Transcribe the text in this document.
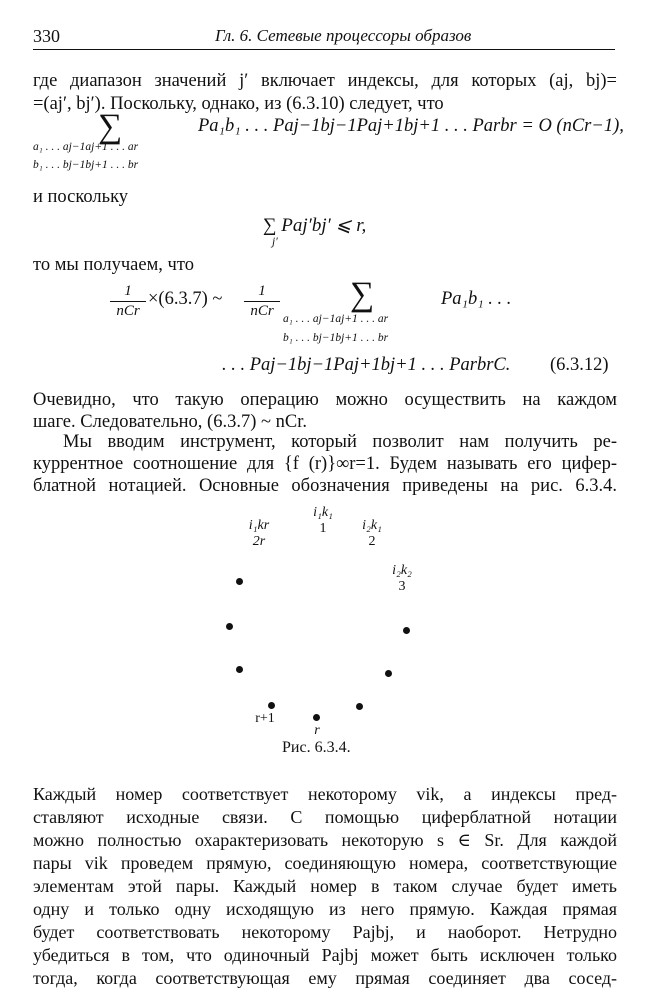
330	Гл. 6. Сетевые процессоры образов
где диапазон значений j′ включает индексы, для которых (aj, bj)=
=(aj′, bj′). Поскольку, однако, из (6.3.10) следует, что
∑	Pa₁b₁ . . . Paj−1bj−1Paj+1bj+1 . . . Parbr = O (nCr−1),
a₁ . . . aj−1aj+1 . . . ar
b₁ . . . bj−1bj+1 . . . br
и поскольку
∑ Paj′bj′ ⩽ r,
j′
то мы получаем, что
1
nCr
×(6.3.7) ~	1
nCr ∑	Pa₁b₁ . . .
a₁ . . . aj−1aj+1 . . . ar
b₁ . . . bj−1bj+1 . . . br
. . . Paj−1bj−1Paj+1bj+1 . . . ParbrC. (6.3.12)
Очевидно, что такую операцию можно осуществить на каждом
шаге. Следовательно, (6.3.7) ~ nCr.
Мы вводим инструмент, который позволит нам получить ре-
куррентное соотношение для {f (r)}∞r=1. Будем называть его цифер-
блатной нотацией. Основные обозначения приведены на рис. 6.3.4.
i₁k₁
1
i₁kr
2r
i₂k₁
2
i₂k₂
3
r+1
r
Рис. 6.3.4.
Каждый номер соответствует некоторому vik, а индексы пред-
ставляют исходные связи. С помощью циферблатной нотации
можно полностью охарактеризовать некоторую s ∈ Sr. Для каждой
пары vik проведем прямую, соединяющую номера, соответствующие
элементам этой пары. Каждый номер в таком случае будет иметь
одну и только одну исходящую из него прямую. Каждая прямая
будет соответствовать некоторому Pajbj, и наоборот. Нетрудно
убедиться в том, что одиночный Pajbj может быть исключен только
тогда, когда соответствующая ему прямая соединяет два сосед-
